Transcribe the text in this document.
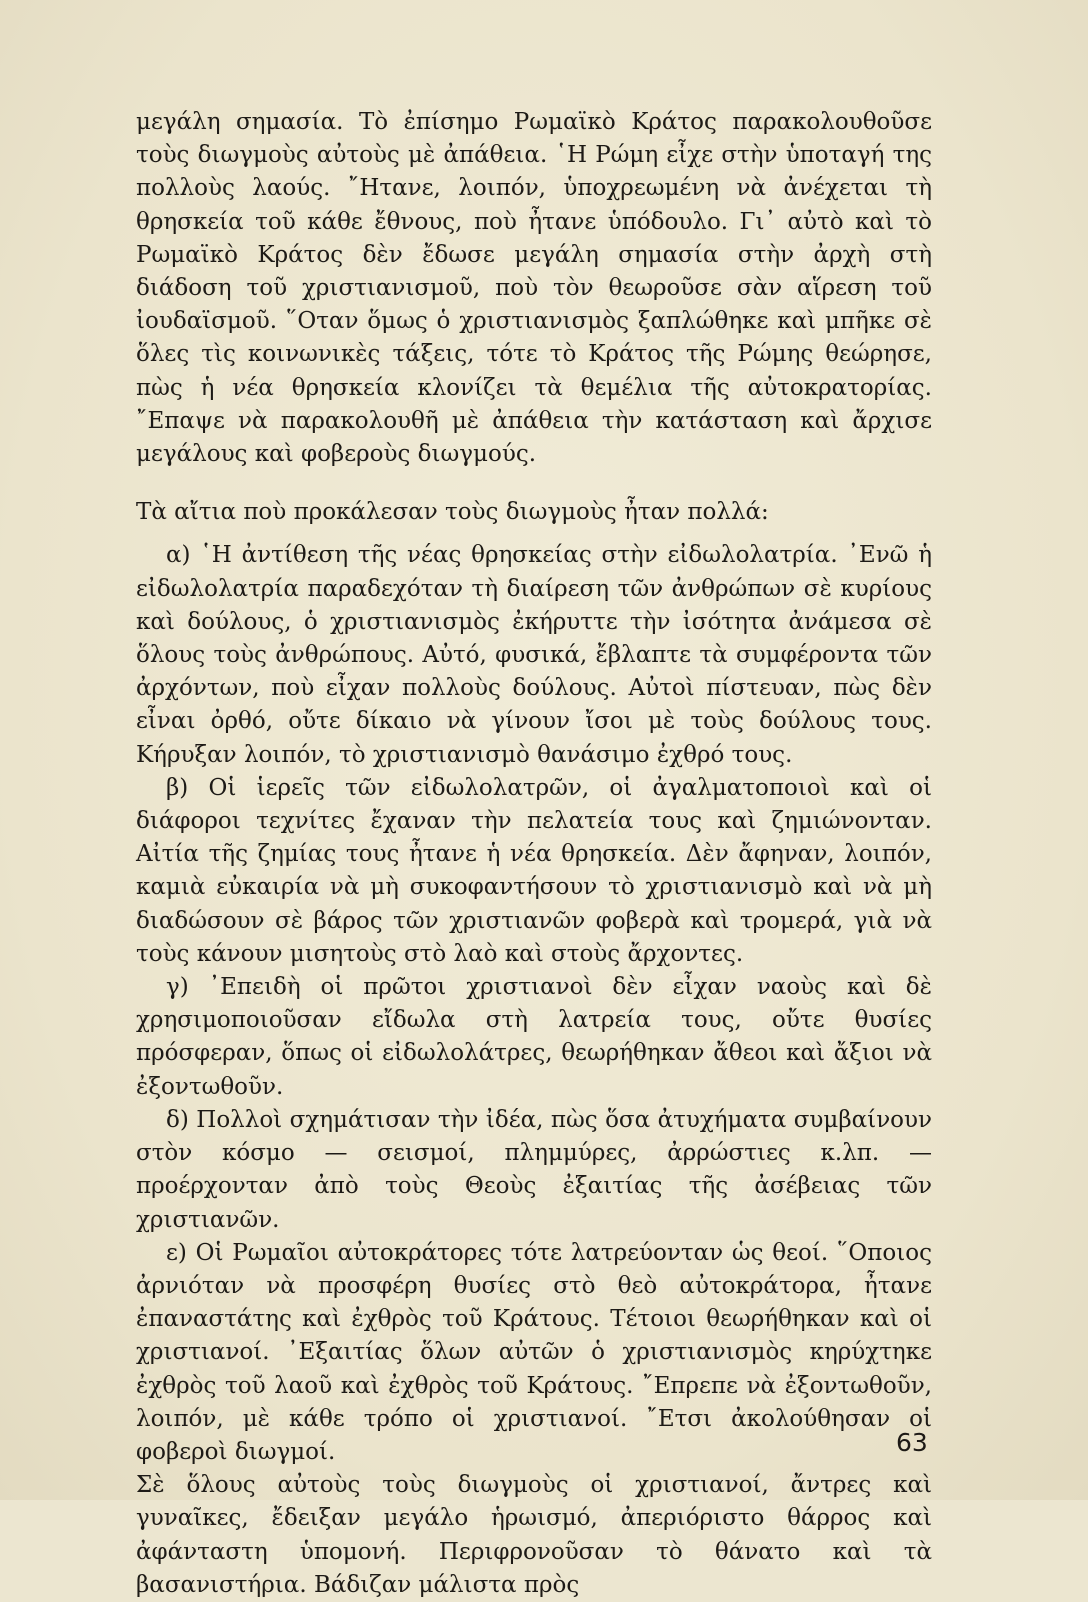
μεγάλη σημασία. Τὸ ἐπίσημο Ρωμαϊκὸ Κράτος παρακολουθοῦσε τοὺς διωγμοὺς αὐτοὺς μὲ ἀπάθεια. ῾Η Ρώμη εἶχε στὴν ὑποταγή της πολλοὺς λαούς. ῎Ητανε, λοιπόν, ὑποχρεωμένη νὰ ἀνέχεται τὴ θρησκεία τοῦ κάθε ἔθνους, ποὺ ἦτανε ὑπόδουλο. Γι᾽ αὐτὸ καὶ τὸ Ρωμαϊκὸ Κράτος δὲν ἔδωσε μεγάλη σημασία στὴν ἀρχὴ στὴ διάδοση τοῦ χριστιανισμοῦ, ποὺ τὸν θεωροῦσε σὰν αἵρεση τοῦ ἰουδαϊσμοῦ. ῞Οταν ὅμως ὁ χριστιανισμὸς ξαπλώθηκε καὶ μπῆκε σὲ ὅλες τὶς κοινωνικὲς τάξεις, τότε τὸ Κράτος τῆς Ρώμης θεώρησε, πὼς ἡ νέα θρησκεία κλονίζει τὰ θεμέλια τῆς αὐτοκρατορίας. ῎Επαψε νὰ παρακολουθῆ μὲ ἀπάθεια τὴν κατάσταση καὶ ἄρχισε μεγάλους καὶ φοβεροὺς διωγμούς.

Τὰ αἴτια ποὺ προκάλεσαν τοὺς διωγμοὺς ἦταν πολλά:

α) ῾Η ἀντίθεση τῆς νέας θρησκείας στὴν εἰδωλολατρία. ᾿Ενῶ ἡ εἰδωλολατρία παραδεχόταν τὴ διαίρεση τῶν ἀνθρώπων σὲ κυρίους καὶ δούλους, ὁ χριστιανισμὸς ἐκήρυττε τὴν ἰσότητα ἀνάμεσα σὲ ὅλους τοὺς ἀνθρώπους. Αὐτό, φυσικά, ἔβλαπτε τὰ συμφέροντα τῶν ἀρχόντων, ποὺ εἶχαν πολλοὺς δούλους. Αὐτοὶ πίστευαν, πὼς δὲν εἶναι ὀρθό, οὔτε δίκαιο νὰ γίνουν ἴσοι μὲ τοὺς δούλους τους. Κήρυξαν λοιπόν, τὸ χριστιανισμὸ θανάσιμο ἐχθρό τους.

β) Οἱ ἱερεῖς τῶν εἰδωλολατρῶν, οἱ ἀγαλματοποιοὶ καὶ οἱ διάφοροι τεχνίτες ἔχαναν τὴν πελατεία τους καὶ ζημιώνονταν. Αἰτία τῆς ζημίας τους ἦτανε ἡ νέα θρησκεία. Δὲν ἄφηναν, λοιπόν, καμιὰ εὐκαιρία νὰ μὴ συκοφαντήσουν τὸ χριστιανισμὸ καὶ νὰ μὴ διαδώσουν σὲ βάρος τῶν χριστιανῶν φοβερὰ καὶ τρομερά, γιὰ νὰ τοὺς κάνουν μισητοὺς στὸ λαὸ καὶ στοὺς ἄρχοντες.

γ) ᾿Επειδὴ οἱ πρῶτοι χριστιανοὶ δὲν εἶχαν ναοὺς καὶ δὲ χρησιμοποιοῦσαν εἴδωλα στὴ λατρεία τους, οὔτε θυσίες πρόσφεραν, ὅπως οἱ εἰδωλολάτρες, θεωρήθηκαν ἄθεοι καὶ ἄξιοι νὰ ἐξοντωθοῦν.

δ) Πολλοὶ σχημάτισαν τὴν ἰδέα, πὼς ὅσα ἀτυχήματα συμβαίνουν στὸν κόσμο — σεισμοί, πλημμύρες, ἀρρώστιες κ.λπ. — προέρχονταν ἀπὸ τοὺς Θεοὺς ἐξαιτίας τῆς ἀσέβειας τῶν χριστιανῶν.

ε) Οἱ Ρωμαῖοι αὐτοκράτορες τότε λατρεύονταν ὡς θεοί. ῞Οποιος ἀρνιόταν νὰ προσφέρη θυσίες στὸ θεὸ αὐτοκράτορα, ἦτανε ἐπαναστάτης καὶ ἐχθρὸς τοῦ Κράτους. Τέτοιοι θεωρήθηκαν καὶ οἱ χριστιανοί. ᾿Εξαιτίας ὅλων αὐτῶν ὁ χριστιανισμὸς κηρύχτηκε ἐχθρὸς τοῦ λαοῦ καὶ ἐχθρὸς τοῦ Κράτους. ῎Επρεπε νὰ ἐξοντωθοῦν, λοιπόν, μὲ κάθε τρόπο οἱ χριστιανοί. ῎Ετσι ἀκολούθησαν οἱ φοβεροὶ διωγμοί.

Σὲ ὅλους αὐτοὺς τοὺς διωγμοὺς οἱ χριστιανοί, ἄντρες καὶ γυναῖκες, ἔδειξαν μεγάλο ἡρωισμό, ἀπεριόριστο θάρρος καὶ ἀφάνταστη ὑπομονή. Περιφρονοῦσαν τὸ θάνατο καὶ τὰ βασανιστήρια. Βάδιζαν μάλιστα πρὸς

63
